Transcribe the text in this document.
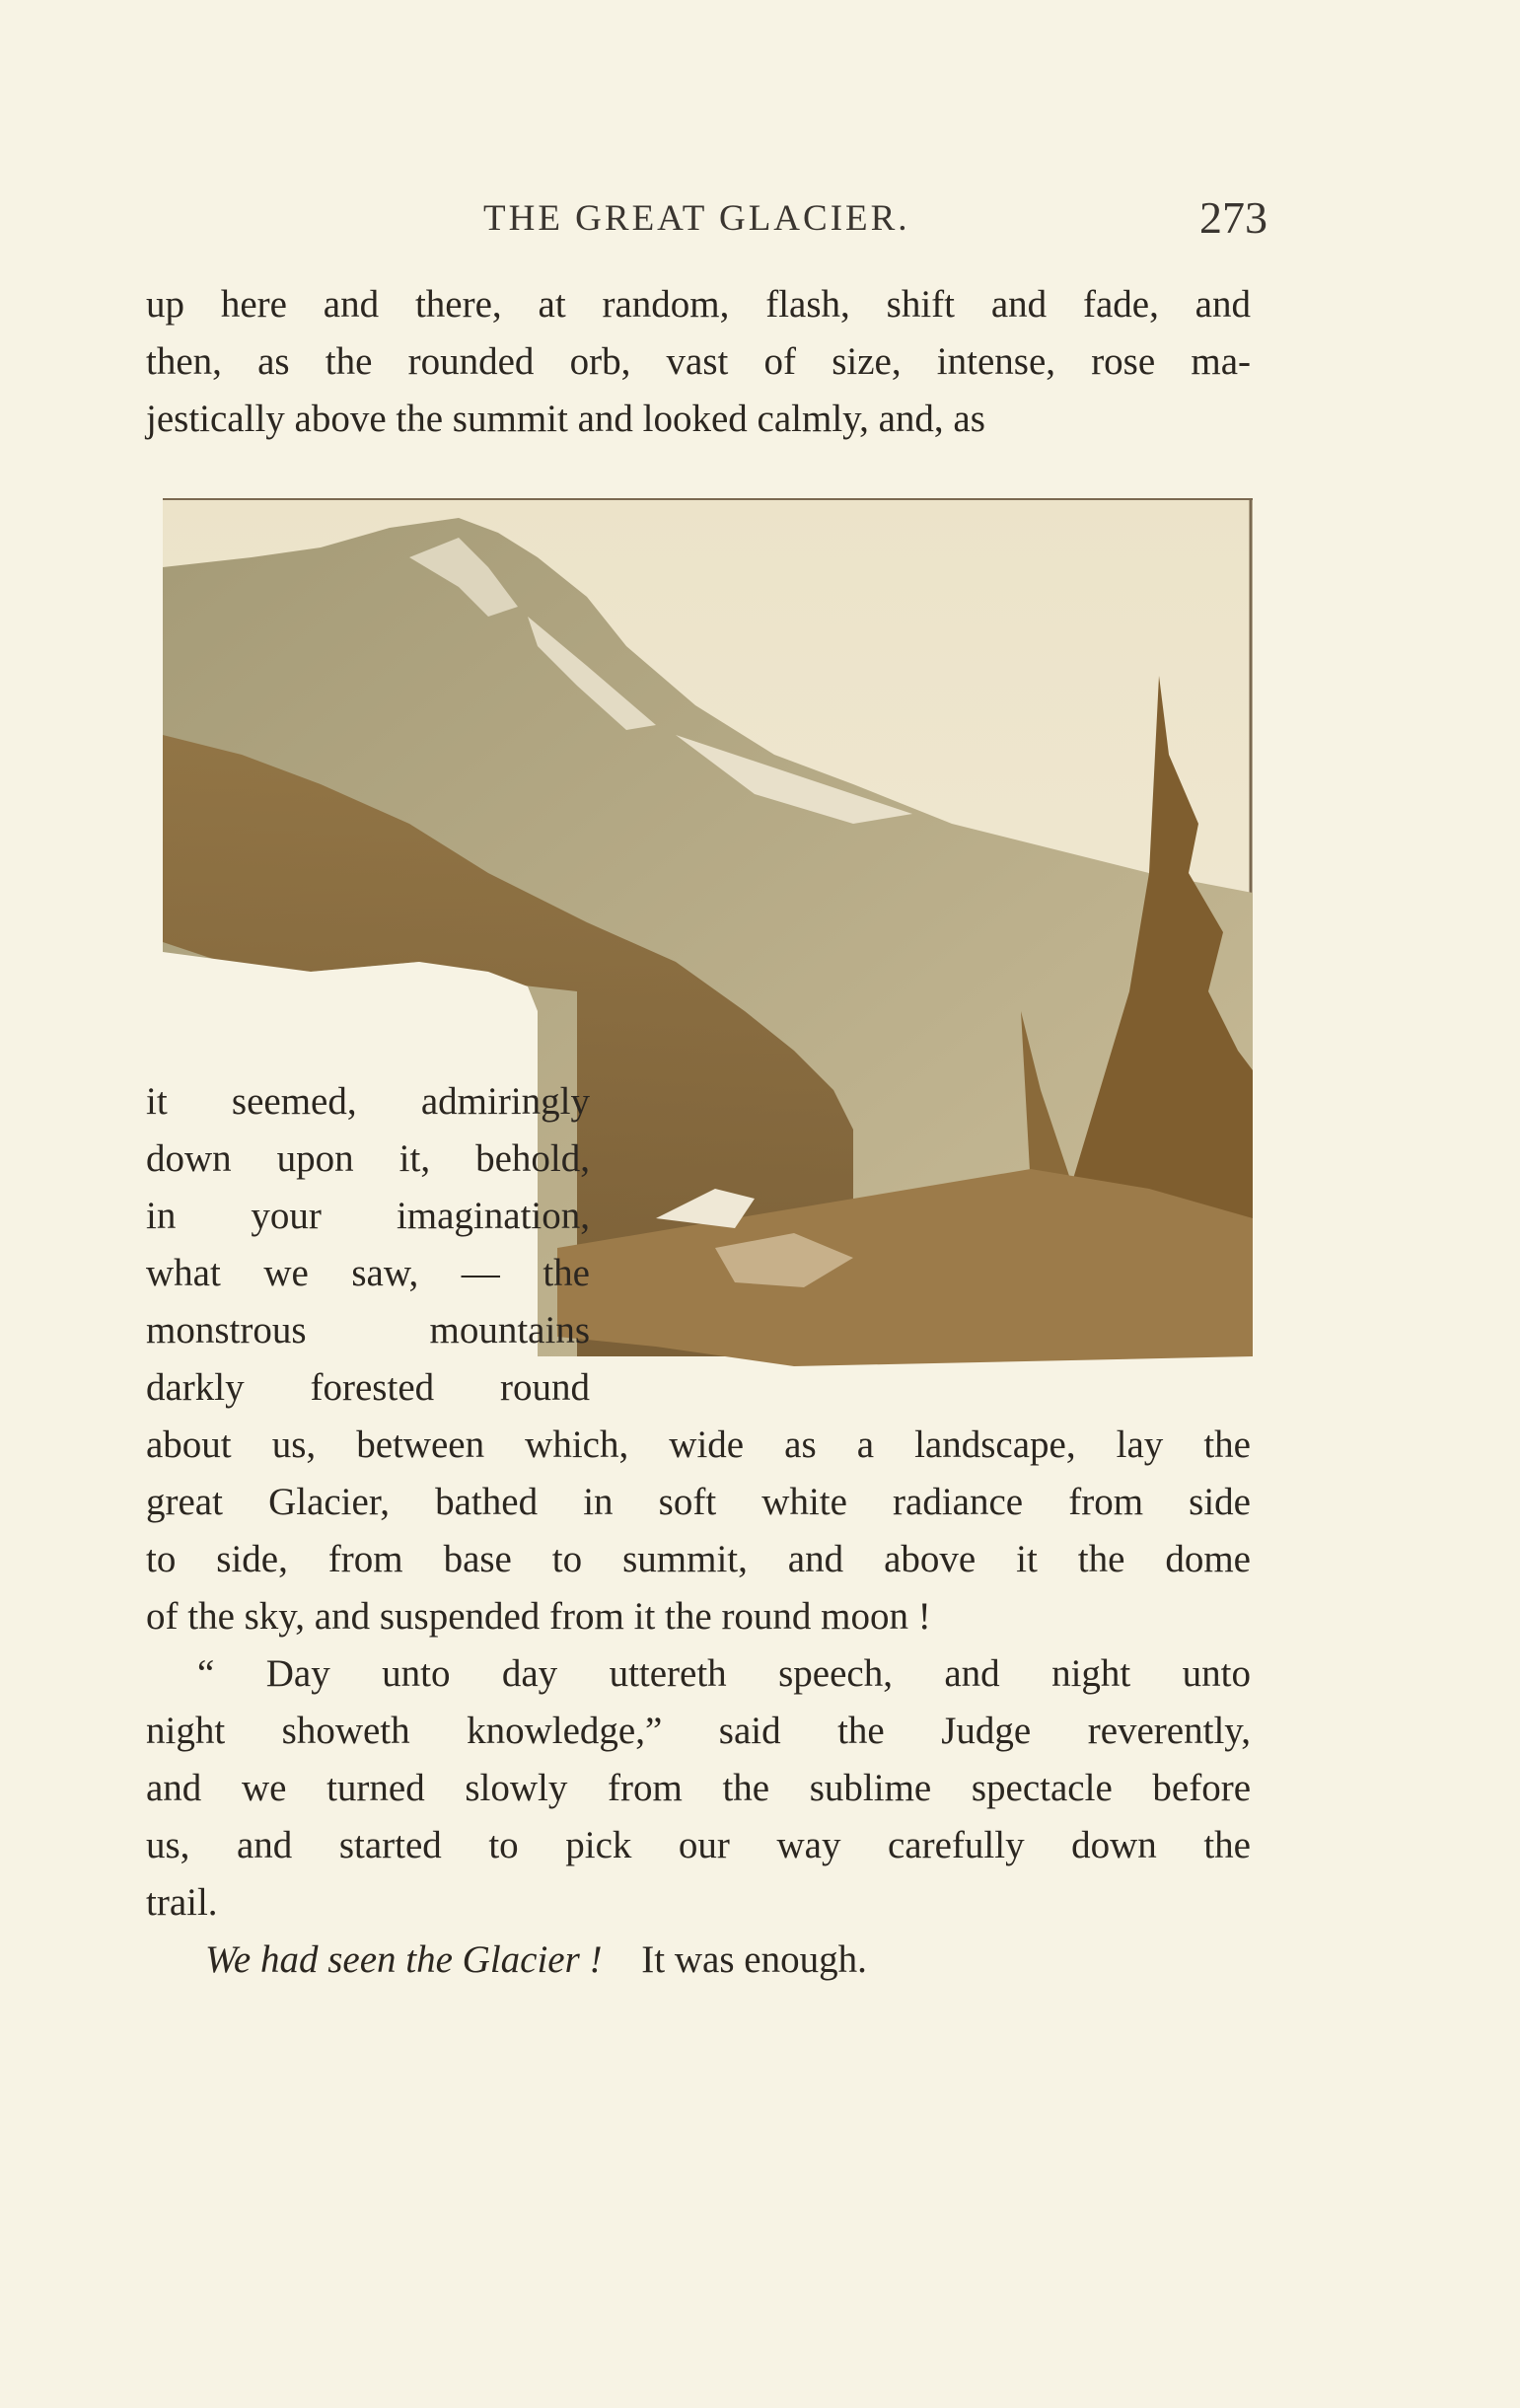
THE GREAT GLACIER.	273
up here and there, at random, flash, shift and fade, and
then, as the rounded orb, vast of size, intense, rose ma-
jestically above the summit and looked calmly, and, as
it seemed, admiringly
down upon it, behold,
in your imagination,
what we saw, — the
monstrous mountains
darkly forested round
about us, between which, wide as a landscape, lay the
great Glacier, bathed in soft white radiance from side
to side, from base to summit, and above it the dome
of the sky, and suspended from it the round moon !
“ Day unto day uttereth speech, and night unto
night showeth knowledge,” said the Judge reverently,
and we turned slowly from the sublime spectacle before
us, and started to pick our way carefully down the
trail.
We had seen the Glacier ! It was enough.
